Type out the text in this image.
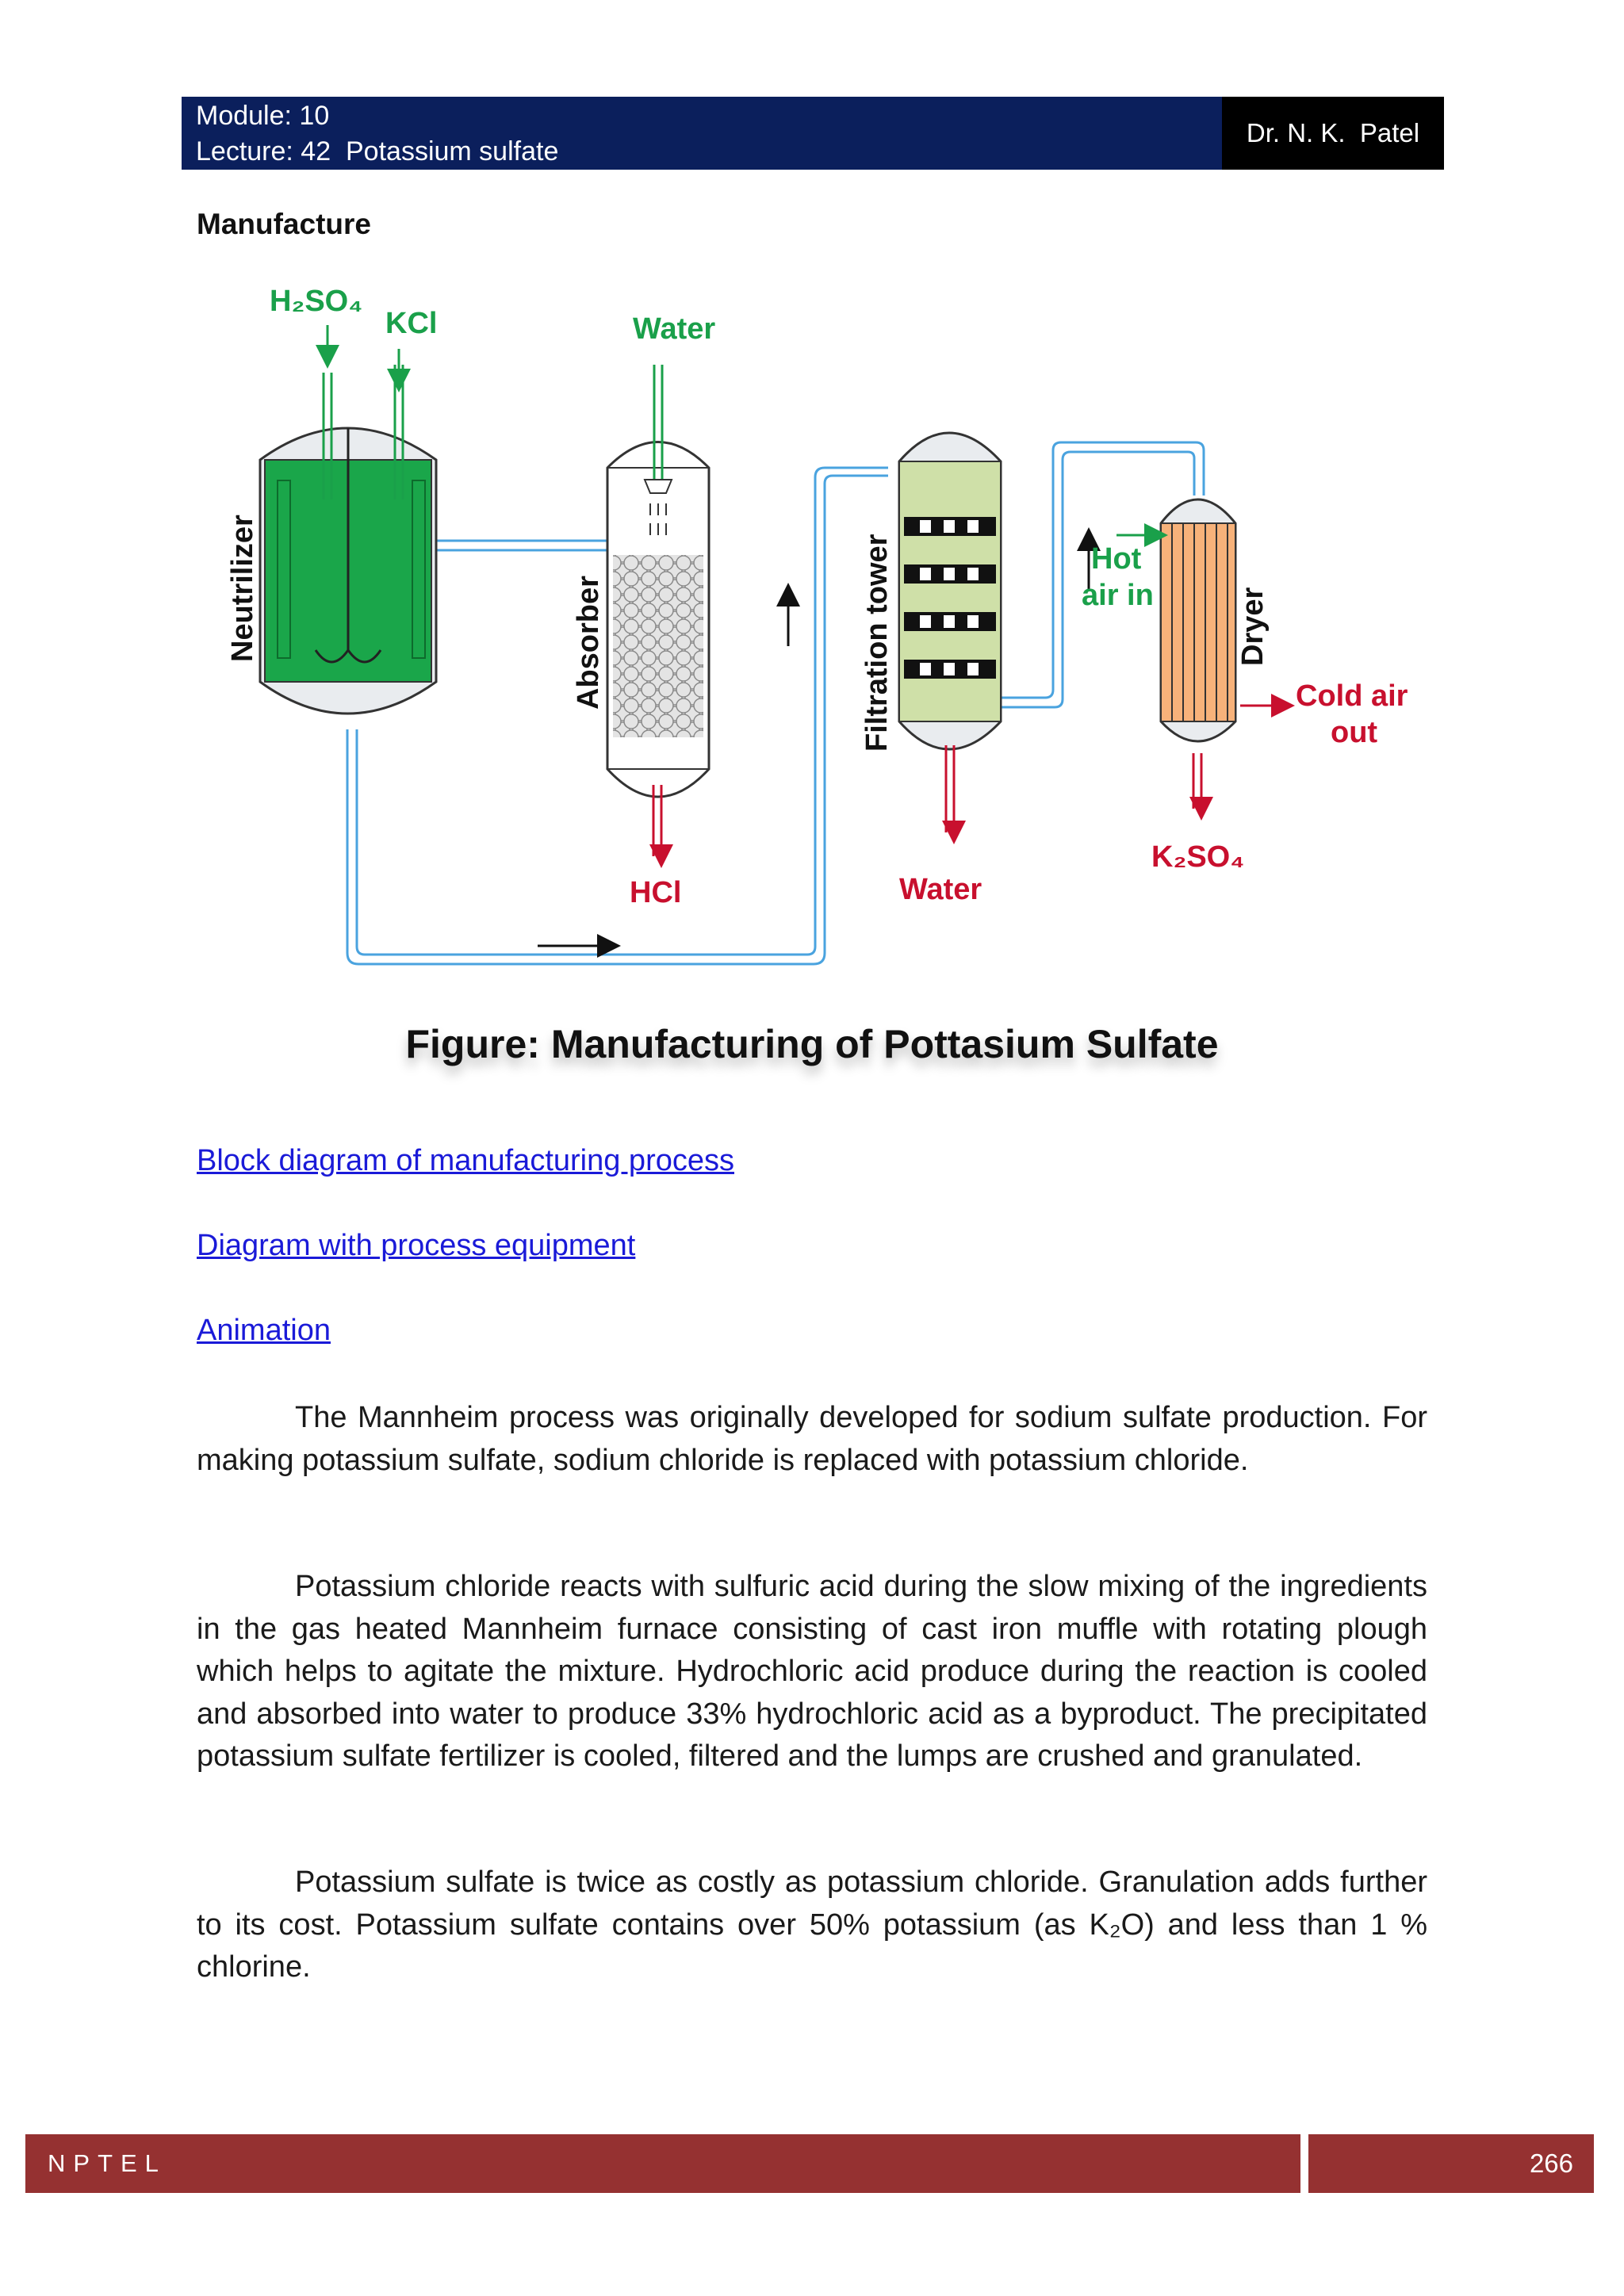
Module: 10
Lecture: 42  Potassium sulfate
Dr. N. K.  Patel
Manufacture
H₂SO₄
KCl	Water
Neutrilizer	Absorber	Filtration tower	Dryer
Hot
air in
Cold air
out
K₂SO₄
HCl	Water
Figure: Manufacturing of Pottasium Sulfate
Block diagram of manufacturing process
Diagram with process equipment
Animation

The Mannheim process was originally developed for sodium sulfate production. For making potassium sulfate, sodium chloride is replaced with potassium chloride.

Potassium chloride reacts with sulfuric acid during the slow mixing of the ingredients in the gas heated Mannheim furnace consisting of cast iron muffle with rotating plough which helps to agitate the mixture. Hydrochloric acid produce during the reaction is cooled and absorbed into water to produce 33% hydrochloric acid as a byproduct. The precipitated potassium sulfate fertilizer is cooled, filtered and the lumps are crushed and granulated.

Potassium sulfate is twice as costly as potassium chloride. Granulation adds further to its cost. Potassium sulfate contains over 50% potassium (as K₂O) and less than 1 % chlorine.

NPTEL	266
